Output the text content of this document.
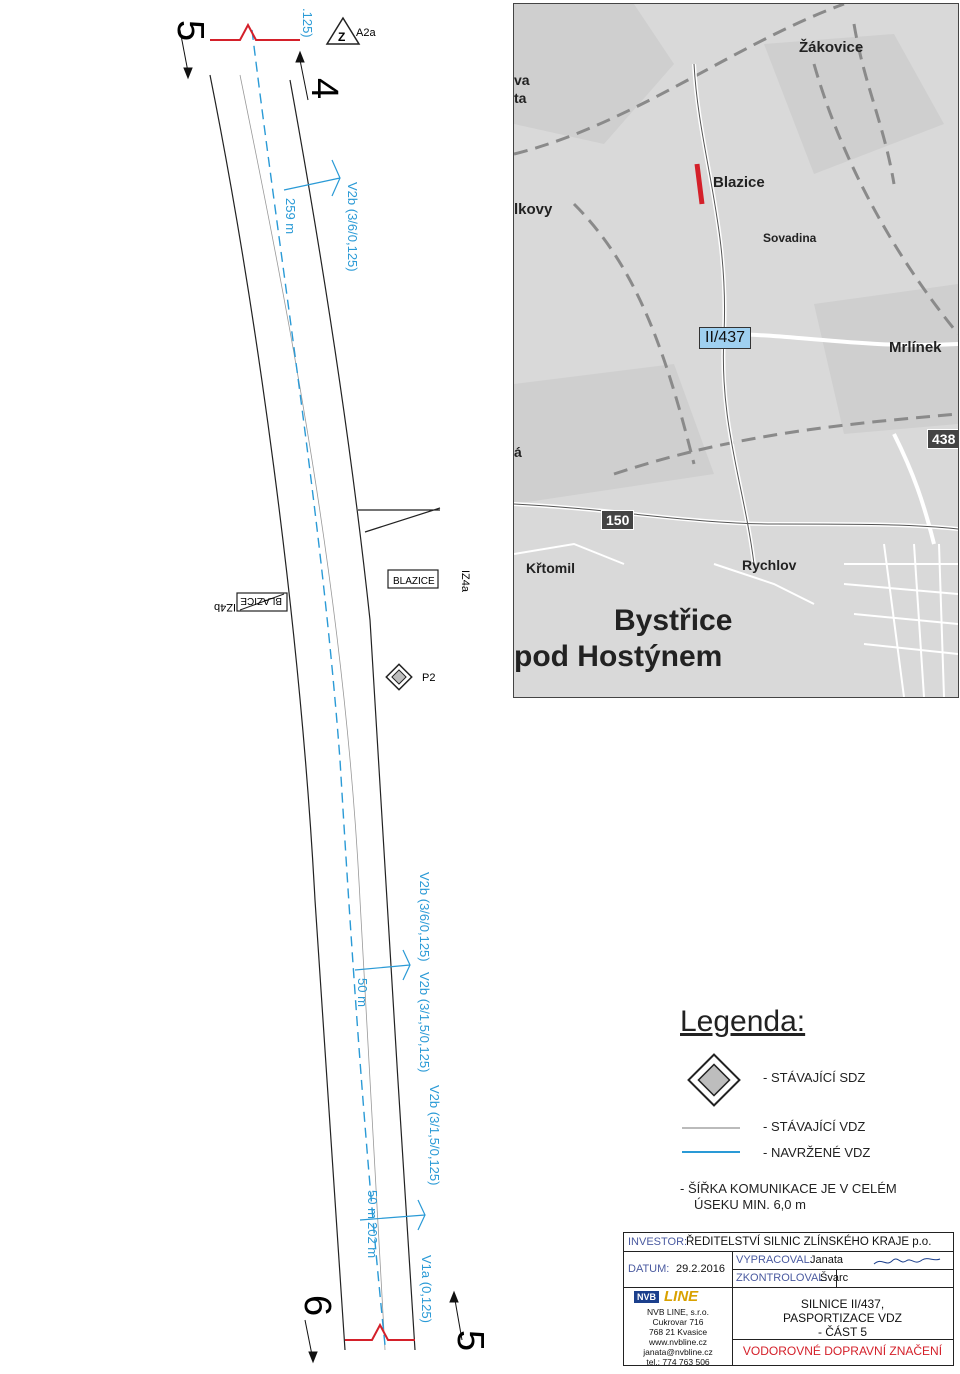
5
4
6
5
.125)
V2b (3/6/0,125)
259 m
V2b (3/6/0,125)
50 m	V2b (3/1,5/0,125)
V2b (3/1,5/0,125)
50 m
202 m
V1a (0,125)
Z A2a
P2
BLAZICE IZ4a
BLAZICE
IZ4b
Žákovice
Blazice
Sovadina
Mrlínek
Křtomil	Rychlov
Bystřice
pod Hostýnem
va
ta
lkovy
á
II/437
438
150
Legenda:
- STÁVAJÍCÍ SDZ
- STÁVAJÍCÍ VDZ
- NAVRŽENÉ VDZ
- ŠÍŘKA KOMUNIKACE JE V CELÉM
ÚSEKU MIN. 6,0 m
INVESTOR:
ŘEDITELSTVÍ SILNIC ZLÍNSKÉHO KRAJE p.o.
DATUM: 29.2.2016
VYPRACOVAL:
Janata
ZKONTROLOVAL:
Švarc
NVB LINE
NVB LINE, s.r.o.
Cukrovar 716
768 21 Kvasice
www.nvbline.cz
janata@nvbline.cz
tel.: 774 763 506
SILNICE II/437,
PASPORTIZACE VDZ
- ČÁST 5
VODOROVNÉ DOPRAVNÍ ZNAČENÍ
